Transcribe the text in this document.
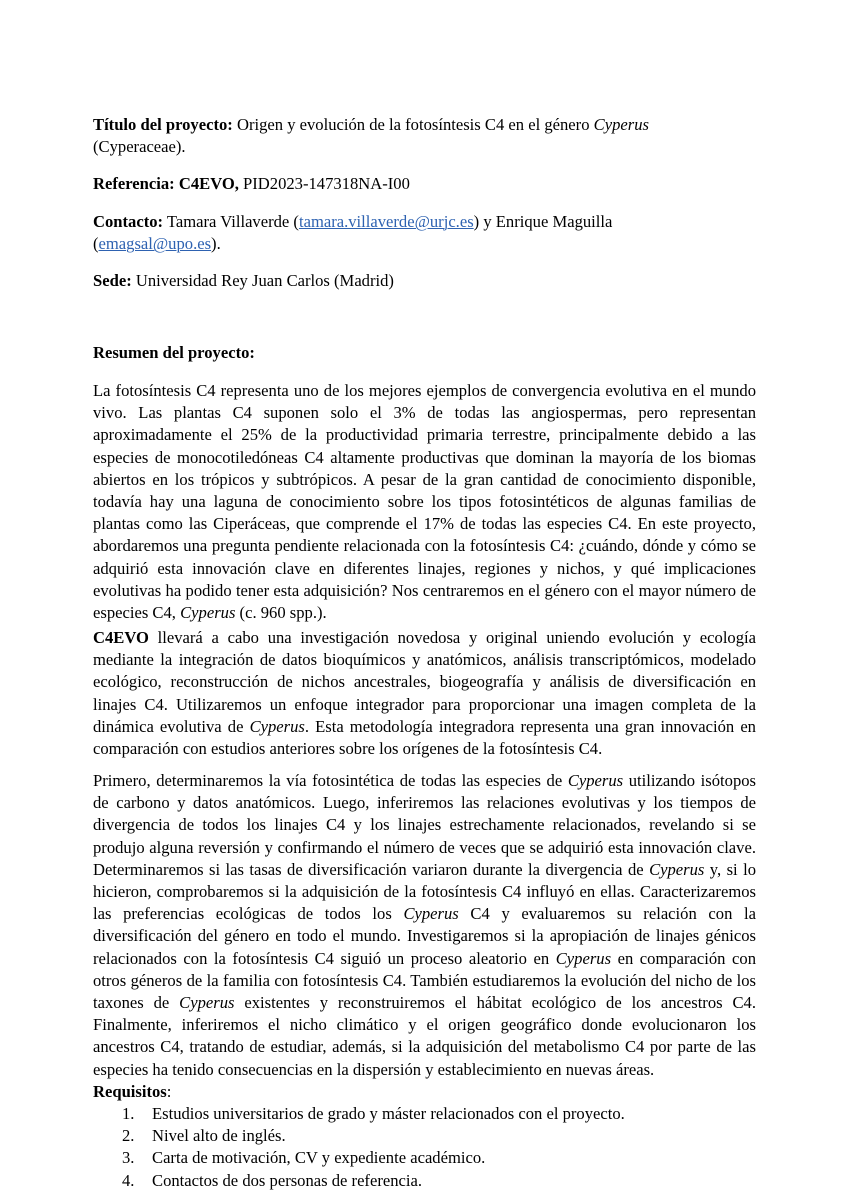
Título del proyecto: Origen y evolución de la fotosíntesis C4 en el género Cyperus
(Cyperaceae).
Referencia: C4EVO, PID2023-147318NA-I00
Contacto: Tamara Villaverde (tamara.villaverde@urjc.es) y Enrique Maguilla
(emagsal@upo.es).
Sede: Universidad Rey Juan Carlos (Madrid)
Resumen del proyecto:
La fotosíntesis C4 representa uno de los mejores ejemplos de convergencia evolutiva en el mundo vivo. Las plantas C4 suponen solo el 3% de todas las angiospermas, pero representan aproximadamente el 25% de la productividad primaria terrestre, principalmente debido a las especies de monocotiledóneas C4 altamente productivas que dominan la mayoría de los biomas abiertos en los trópicos y subtrópicos. A pesar de la gran cantidad de conocimiento disponible, todavía hay una laguna de conocimiento sobre los tipos fotosintéticos de algunas familias de plantas como las Ciperáceas, que comprende el 17% de todas las especies C4. En este proyecto, abordaremos una pregunta pendiente relacionada con la fotosíntesis C4: ¿cuándo, dónde y cómo se adquirió esta innovación clave en diferentes linajes, regiones y nichos, y qué implicaciones evolutivas ha podido tener esta adquisición? Nos centraremos en el género con el mayor número de especies C4, Cyperus (c. 960 spp.).
C4EVO llevará a cabo una investigación novedosa y original uniendo evolución y ecología mediante la integración de datos bioquímicos y anatómicos, análisis transcriptómicos, modelado ecológico, reconstrucción de nichos ancestrales, biogeografía y análisis de diversificación en linajes C4. Utilizaremos un enfoque integrador para proporcionar una imagen completa de la dinámica evolutiva de Cyperus. Esta metodología integradora representa una gran innovación en comparación con estudios anteriores sobre los orígenes de la fotosíntesis C4.
Primero, determinaremos la vía fotosintética de todas las especies de Cyperus utilizando isótopos de carbono y datos anatómicos. Luego, inferiremos las relaciones evolutivas y los tiempos de divergencia de todos los linajes C4 y los linajes estrechamente relacionados, revelando si se produjo alguna reversión y confirmando el número de veces que se adquirió esta innovación clave. Determinaremos si las tasas de diversificación variaron durante la divergencia de Cyperus y, si lo hicieron, comprobaremos si la adquisición de la fotosíntesis C4 influyó en ellas. Caracterizaremos las preferencias ecológicas de todos los Cyperus C4 y evaluaremos su relación con la diversificación del género en todo el mundo. Investigaremos si la apropiación de linajes génicos relacionados con la fotosíntesis C4 siguió un proceso aleatorio en Cyperus en comparación con otros géneros de la familia con fotosíntesis C4. También estudiaremos la evolución del nicho de los taxones de Cyperus existentes y reconstruiremos el hábitat ecológico de los ancestros C4. Finalmente, inferiremos el nicho climático y el origen geográfico donde evolucionaron los ancestros C4, tratando de estudiar, además, si la adquisición del metabolismo C4 por parte de las especies ha tenido consecuencias en la dispersión y establecimiento en nuevas áreas.
Requisitos:
1. Estudios universitarios de grado y máster relacionados con el proyecto.
2. Nivel alto de inglés.
3. Carta de motivación, CV y expediente académico.
4. Contactos de dos personas de referencia.
